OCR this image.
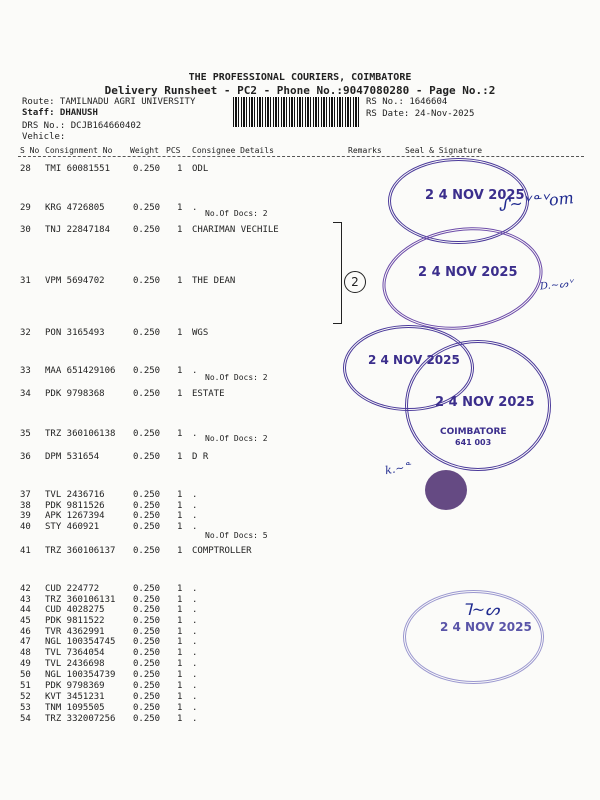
THE PROFESSIONAL COURIERS, COIMBATORE
Delivery Runsheet - PC2 - Phone No.:9047080280 - Page No.:2
Route: TAMILNADU AGRI UNIVERSITY
Staff: DHANUSH
DRS No.: DCJB164660402
Vehicle:
RS No.: 1646604
RS Date: 24-Nov-2025
S No Consignment No Weight PCS Consignee Details	Remarks	Seal & Signature
28 TMI 60081551	0.250 1 ODL
29 KRG 4726805	0.250 1 .
30 TNJ 22847184	0.250 1 CHARIMAN VECHILE
31 VPM 5694702	0.250 1 THE DEAN
32 PON 3165493	0.250 1 WGS
33 MAA 651429106 0.250 1 .
34 PDK 9798368	0.250 1 ESTATE
35 TRZ 360106138 0.250 1 .
36 DPM 531654	0.250 1 D R
37 TVL 2436716	0.250 1 .
38 PDK 9811526	0.250 1 .
39 APK 1267394	0.250 1 .
40 STY 460921	0.250 1 .
41 TRZ 360106137 0.250 1 COMPTROLLER
42 CUD 224772	0.250 1 .
43 TRZ 360106131 0.250 1 .
44 CUD 4028275	0.250 1 .
45 PDK 9811522	0.250 1 .
46 TVR 4362991	0.250 1 .
47 NGL 100354745 0.250 1 .
48 TVL 7364054	0.250 1 .
49 TVL 2436698	0.250 1 .
50 NGL 100354739 0.250 1 .
51 PDK 9798369	0.250 1 .
52 KVT 3451231	0.250 1 .
53 TNM 1095505	0.250 1 .
54 TRZ 332007256 0.250 1 .
No.Of Docs: 2
No.Of Docs: 2
No.Of Docs: 2
No.Of Docs: 5
2 4 NOV 2025
ᔑ~ᘁᓐᘁom
2 4 NOV 2025
D.~ᔕᘁ
2 4 NOV 2025
2 4 NOV 2025
COIMBATORE
641 003
k.~ᓐ
2 4 NOV 2025
ᒣ~ᔕ
2
